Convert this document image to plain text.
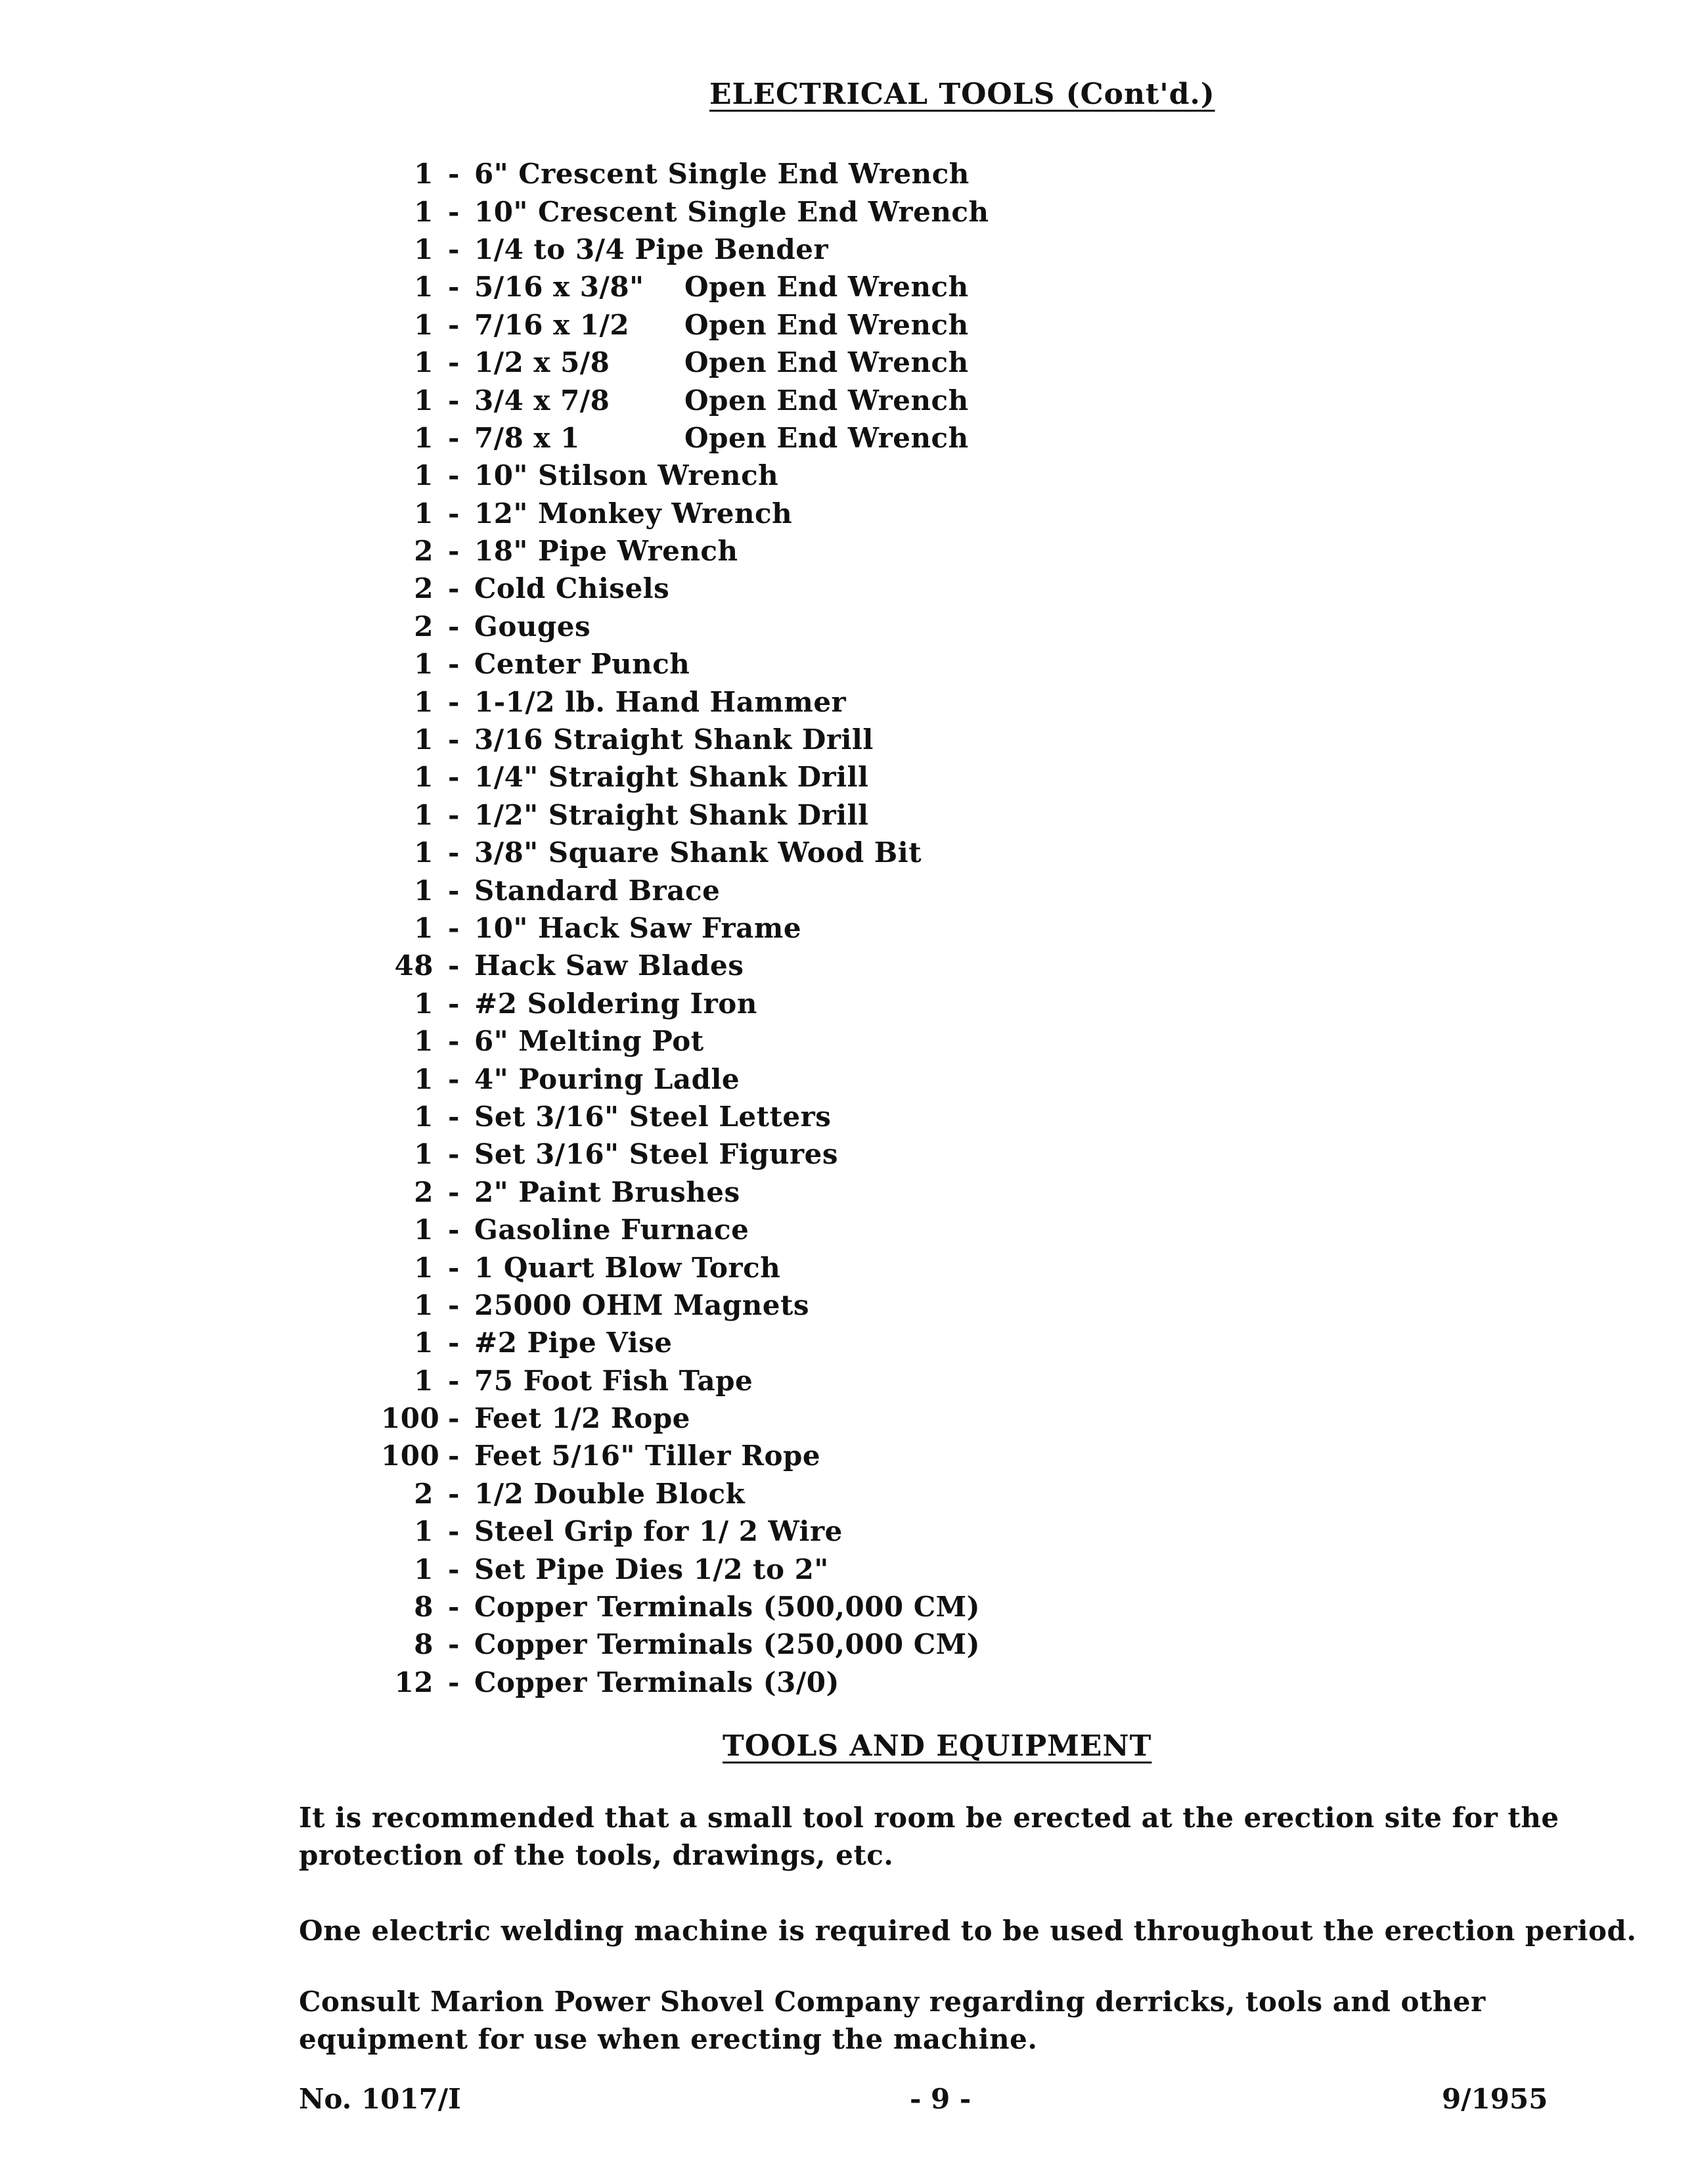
ELECTRICAL TOOLS (Cont'd.)
1 - 6" Crescent Single End Wrench
1 - 10" Crescent Single End Wrench
1 - 1/4 to 3/4 Pipe Bender
1 - 5/16 x 3/8"	Open End Wrench
1 - 7/16 x 1/2	Open End Wrench
1 - 1/2 x 5/8	Open End Wrench
1 - 3/4 x 7/8	Open End Wrench
1 - 7/8 x 1	Open End Wrench
1 - 10" Stilson Wrench
1 - 12" Monkey Wrench
2 - 18" Pipe Wrench
2 - Cold Chisels
2 - Gouges
1 - Center Punch
1 - 1-1/2 lb. Hand Hammer
1 - 3/16 Straight Shank Drill
1 - 1/4" Straight Shank Drill
1 - 1/2" Straight Shank Drill
1 - 3/8" Square Shank Wood Bit
1 - Standard Brace
1 - 10" Hack Saw Frame
48 - Hack Saw Blades
1 - #2 Soldering Iron
1 - 6" Melting Pot
1 - 4" Pouring Ladle
1 - Set 3/16" Steel Letters
1 - Set 3/16" Steel Figures
2 - 2" Paint Brushes
1 - Gasoline Furnace
1 - 1 Quart Blow Torch
1 - 25000 OHM Magnets
1 - #2 Pipe Vise
1 - 75 Foot Fish Tape
100 - Feet 1/2 Rope
100 - Feet 5/16" Tiller Rope
2 - 1/2 Double Block
1 - Steel Grip for 1/ 2 Wire
1 - Set Pipe Dies 1/2 to 2"
8 - Copper Terminals (500,000 CM)
8 - Copper Terminals (250,000 CM)
12 - Copper Terminals (3/0)
TOOLS AND EQUIPMENT

It is recommended that a small tool room be erected at the erection site for the protection of the tools, drawings, etc.

One electric welding machine is required to be used throughout the erection period.

Consult Marion Power Shovel Company regarding derricks, tools and other equipment for use when erecting the machine.

No. 1017/I	- 9 -	9/1955
